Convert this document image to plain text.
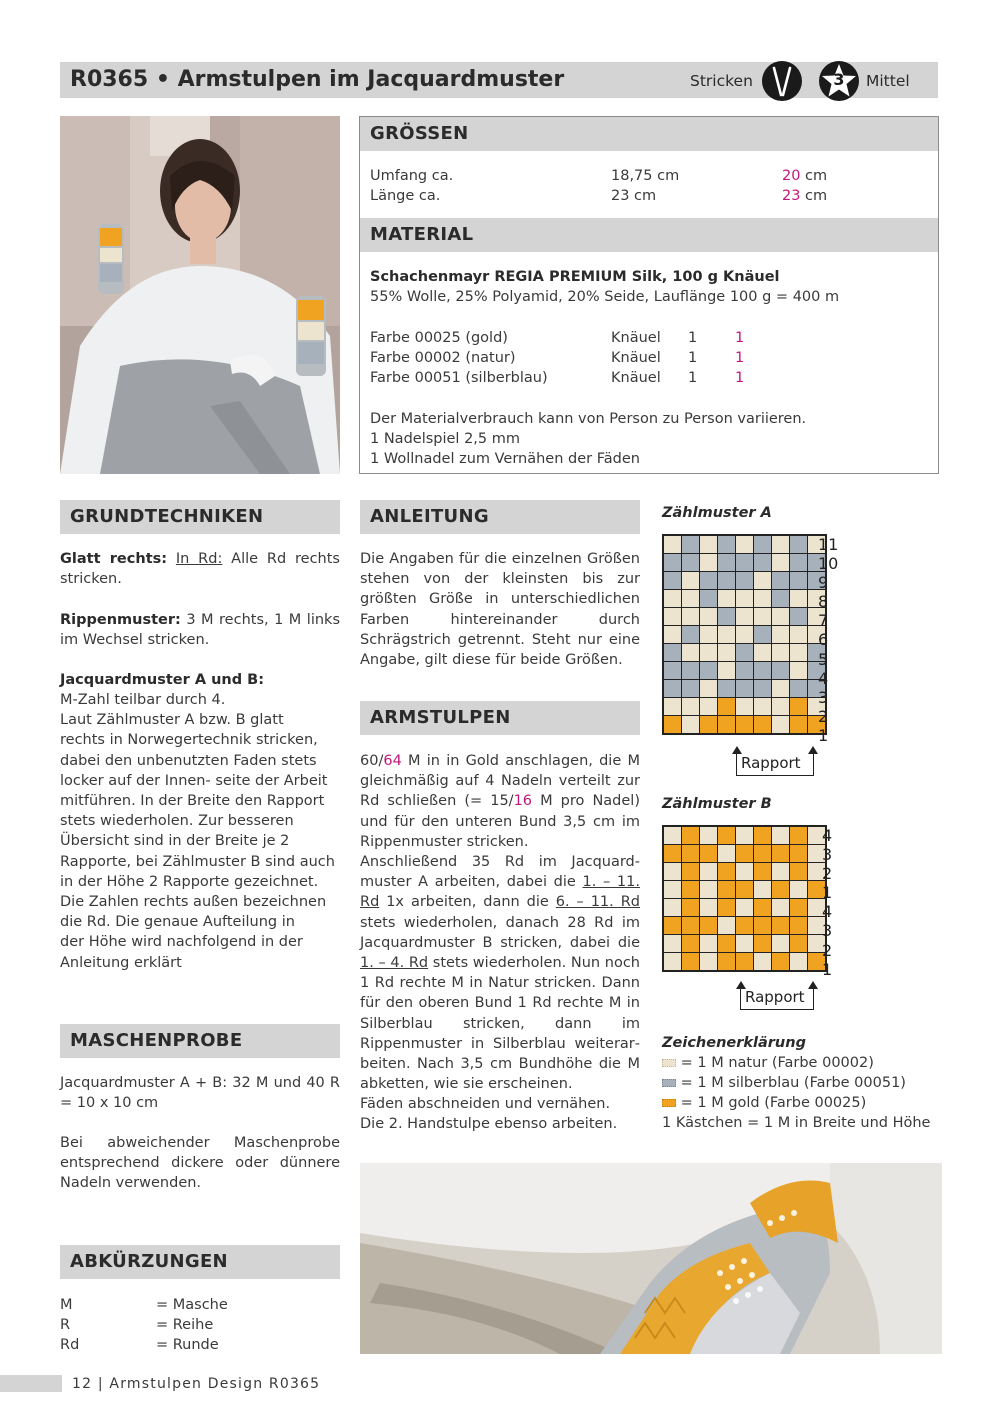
R0365 • Armstulpen im Jacquardmuster	Stricken	3	Mittel
GRÖSSEN
Umfang ca.	18,75 cm	20 cm
Länge ca.	23 cm	23 cm
MATERIAL
Schachenmayr REGIA PREMIUM Silk, 100 g Knäuel
55% Wolle, 25% Polyamid, 20% Seide, Lauflänge 100 g = 400 m
Farbe 00025 (gold)	Knäuel 1	1
Farbe 00002 (natur)	Knäuel 1	1
Farbe 00051 (silberblau)	Knäuel 1	1
Der Materialverbrauch kann von Person zu Person variieren.
1 Nadelspiel 2,5 mm
1 Wollnadel zum Vernähen der Fäden
GRUNDTECHNIKEN
Glatt rechts: In Rd: Alle Rd rechts stricken.
Rippenmuster: 3 M rechts, 1 M links im Wechsel stricken.
Jacquardmuster A und B:
M-Zahl teilbar durch 4.
Laut Zählmuster A bzw. B glatt
rechts in Norwegertechnik stricken,
dabei den unbenutzten Faden stets
locker auf der Innen- seite der Arbeit
mitführen. In der Breite den Rapport
stets wiederholen. Zur besseren
Übersicht sind in der Breite je 2
Rapporte, bei Zählmuster B sind auch
in der Höhe 2 Rapporte gezeichnet.
Die Zahlen rechts außen bezeichnen
die Rd. Die genaue Aufteilung in
der Höhe wird nachfolgend in der
Anleitung erklärt
MASCHENPROBE
Jacquardmuster A + B: 32 M und 40 R = 10 x 10 cm
Bei abweichender Maschenprobe entsprechend dickere oder dünnere Nadeln verwenden.
ABKÜRZUNGEN
M	= Masche
R	= Reihe
Rd	= Runde
ANLEITUNG
Die Angaben für die einzelnen Größen stehen von der kleinsten bis zur größten Größe in unterschiedlichen Farben hintereinander durch Schrägstrich getrennt. Steht nur eine Angabe, gilt diese für beide Größen.
ARMSTULPEN
60/64 M in in Gold anschlagen, die M gleichmäßig auf 4 Nadeln verteilt zur Rd schließen (= 15/16 M pro Nadel) und für den unteren Bund 3,5 cm im Rippenmuster stricken.
Anschließend 35 Rd im Jacquardmuster A arbeiten, dabei die 1. – 11. Rd 1x arbeiten, dann die 6. – 11. Rd stets wiederholen, danach 28 Rd im Jacquardmuster B stricken, dabei die 1. – 4. Rd stets wiederholen. Nun noch 1 Rd rechte M in Natur stricken. Dann für den oberen Bund 1 Rd rechte M in Silberblau stricken, dann im Rippenmuster in Silberblau weiterarbeiten. Nach 3,5 cm Bundhöhe die M abketten, wie sie erscheinen.
Fäden abschneiden und vernähen.
Die 2. Handstulpe ebenso arbeiten.
Zählmuster A
11
10
9
8
7
6
5
4
3
2
1
Rapport
Zählmuster B
4
3
2
1
4
3
2
1
Rapport
Zeichenerklärung
= 1 M natur (Farbe 00002)
= 1 M silberblau (Farbe 00051)
= 1 M gold (Farbe 00025)
1 Kästchen = 1 M in Breite und Höhe
12 | Armstulpen Design R0365
